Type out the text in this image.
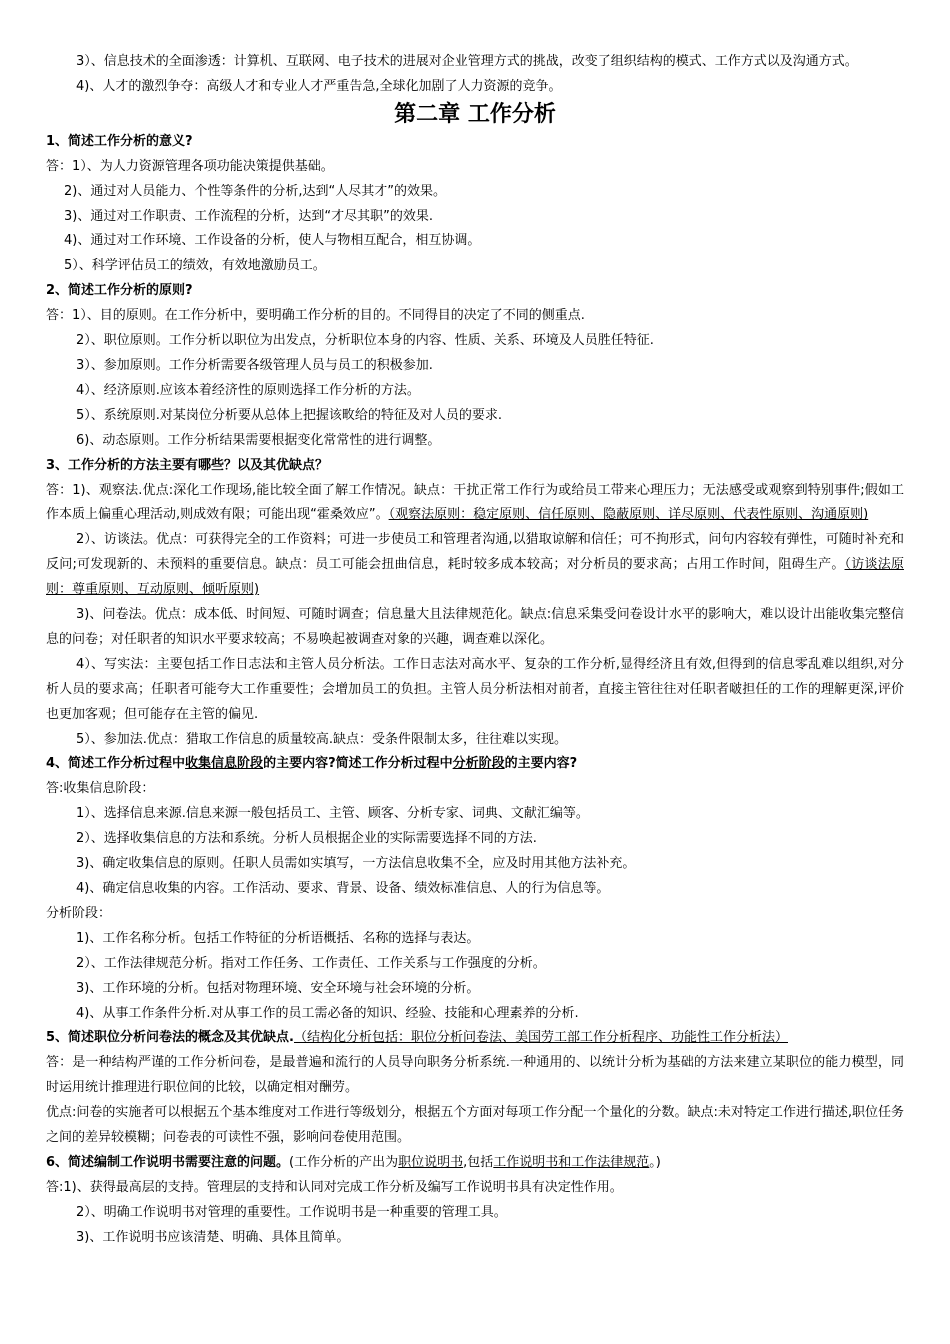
3）、信息技术的全面渗透：计算机、互联网、电子技术的进展对企业管理方式的挑战，改变了组织结构的模式、工作方式以及沟通方式。

4)、人才的激烈争夺：高级人才和专业人才严重告急,全球化加剧了人力资源的竞争。

第二章 工作分析

1、简述工作分析的意义?

答：1）、为人力资源管理各项功能决策提供基础。

2)、通过对人员能力、个性等条件的分析,达到“人尽其才”的效果。

3)、通过对工作职责、工作流程的分析，达到“才尽其职”的效果.

4)、通过对工作环境、工作设备的分析，使人与物相互配合，相互协调。

5）、科学评估员工的绩效，有效地激励员工。

2、简述工作分析的原则?

答：1）、目的原则。在工作分析中，要明确工作分析的目的。不同得目的决定了不同的侧重点.

2）、职位原则。工作分析以职位为出发点，分析职位本身的内容、性质、关系、环境及人员胜任特征.

3）、参加原则。工作分析需要各级管理人员与员工的积极参加.

4）、经济原则.应该本着经济性的原则选择工作分析的方法。

5）、系统原则.对某岗位分析要从总体上把握该畋给的特征及对人员的要求.

6)、动态原则。工作分析结果需要根据变化常常性的进行调整。

3、工作分析的方法主要有哪些？以及其优缺点？

答：1)、观察法.优点:深化工作现场,能比较全面了解工作情况。缺点：干扰正常工作行为或给员工带来心理压力；无法感受或观察到特别事件;假如工作本质上偏重心理活动,则成效有限；可能出现“霍桑效应”。（观察法原则：稳定原则、信任原则、隐蔽原则、详尽原则、代表性原则、沟通原则)

2）、访谈法。优点：可获得完全的工作资料；可进一步使员工和管理者沟通,以猎取谅解和信任；可不拘形式，问句内容较有弹性，可随时补充和反问;可发现新的、未预料的重要信息。缺点：员工可能会扭曲信息，耗时较多成本较高；对分析员的要求高；占用工作时间，阻碍生产。（访谈法原则：尊重原则、互动原则、倾听原则)

3)、问卷法。优点：成本低、时间短、可随时调查；信息量大且法律规范化。缺点:信息采集受问卷设计水平的影响大，难以设计出能收集完整信息的问卷；对任职者的知识水平要求较高；不易唤起被调查对象的兴趣，调查难以深化。

4）、写实法：主要包括工作日志法和主管人员分析法。工作日志法对高水平、复杂的工作分析,显得经济且有效,但得到的信息零乱难以组织,对分析人员的要求高；任职者可能夸大工作重要性；会增加员工的负担。主管人员分析法相对前者，直接主管往往对任职者啵担任的工作的理解更深,评价也更加客观；但可能存在主管的偏见.

5）、参加法.优点：猎取工作信息的质量较高.缺点：受条件限制太多，往往难以实现。

4、简述工作分析过程中收集信息阶段的主要内容?简述工作分析过程中分析阶段的主要内容?

答:收集信息阶段：

1）、选择信息来源.信息来源一般包括员工、主管、顾客、分析专家、词典、文献汇编等。

2）、选择收集信息的方法和系统。分析人员根据企业的实际需要选择不同的方法.

3)、确定收集信息的原则。任职人员需如实填写，一方法信息收集不全，应及时用其他方法补充。

4)、确定信息收集的内容。工作活动、要求、背景、设备、绩效标准信息、人的行为信息等。

分析阶段：

1)、工作名称分析。包括工作特征的分析语概括、名称的选择与表达。

2）、工作法律规范分析。指对工作任务、工作责任、工作关系与工作强度的分析。

3)、工作环境的分析。包括对物理环境、安全环境与社会环境的分析。

4)、从事工作条件分析.对从事工作的员工需必备的知识、经验、技能和心理素养的分析.

5、简述职位分析问卷法的概念及其优缺点.（结构化分析包括：职位分析问卷法、美国劳工部工作分析程序、功能性工作分析法）

答：是一种结构严谨的工作分析问卷，是最普遍和流行的人员导向职务分析系统.一种通用的、以统计分析为基础的方法来建立某职位的能力模型，同时运用统计推理进行职位间的比较，以确定相对酬劳。

优点:问卷的实施者可以根据五个基本维度对工作进行等级划分，根据五个方面对每项工作分配一个量化的分数。缺点:未对特定工作进行描述,职位任务之间的差异较模糊；问卷表的可读性不强，影响问卷使用范围。

6、简述编制工作说明书需要注意的问题。(工作分析的产出为职位说明书,包括工作说明书和工作法律规范。)

答:1)、获得最高层的支持。管理层的支持和认同对完成工作分析及编写工作说明书具有决定性作用。

2）、明确工作说明书对管理的重要性。工作说明书是一种重要的管理工具。

3)、工作说明书应该清楚、明确、具体且简单。
